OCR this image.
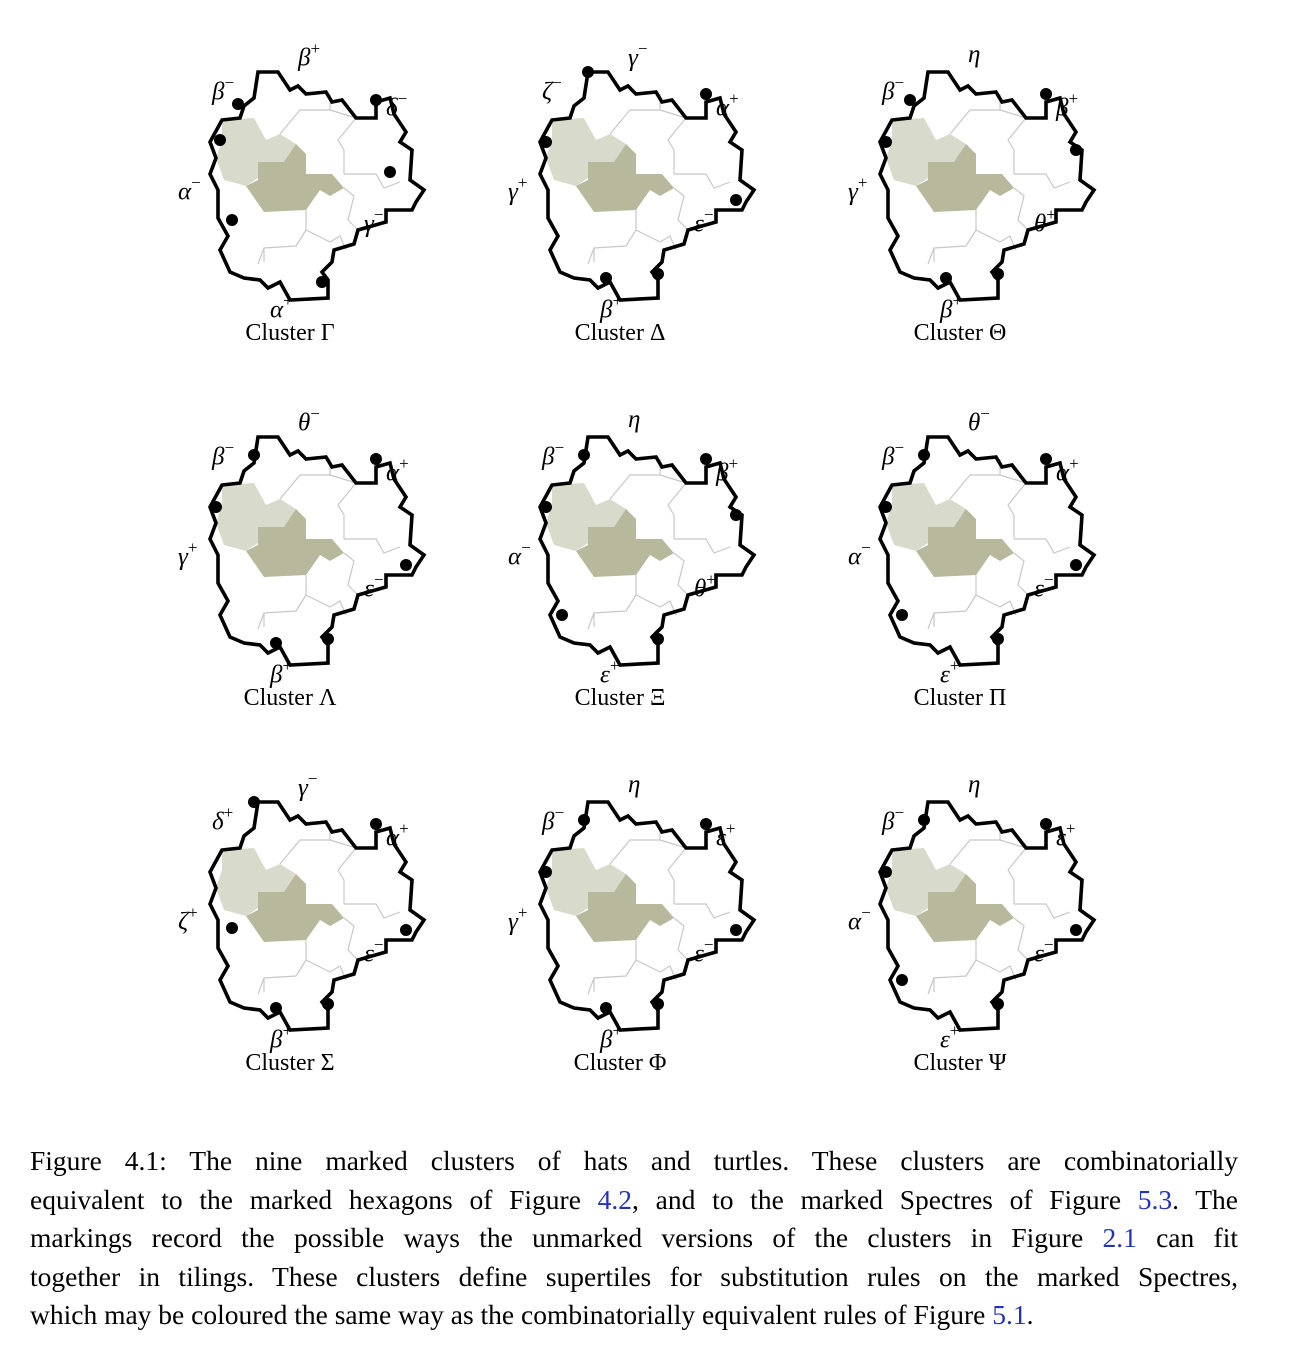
β+
β−
δ−
α−
γ−
α+
Cluster Γ
γ−
ζ−
α+
γ+
ε−
β+
Cluster Δ
η
β−
β+
γ+
θ+
β+
Cluster Θ
θ−
β−
α+
γ+
ε−
β+
Cluster Λ
η
β−
β+
α−
θ+
ε+
Cluster Ξ
θ−
β−
α+
α−
ε−
ε+
Cluster Π
γ−
δ+
α+
ζ+
ε−
β+
Cluster Σ
η
β−
ε+
γ+
ε−
β+
Cluster Φ
η
β−
ε+
α−
ε−
ε+
Cluster Ψ
Figure 4.1: The nine marked clusters of hats and turtles. These clusters are combinatorially
equivalent to the marked hexagons of Figure 4.2, and to the marked Spectres of Figure 5.3. The
markings record the possible ways the unmarked versions of the clusters in Figure 2.1 can fit
together in tilings. These clusters define supertiles for substitution rules on the marked Spectres,
which may be coloured the same way as the combinatorially equivalent rules of Figure 5.1.
